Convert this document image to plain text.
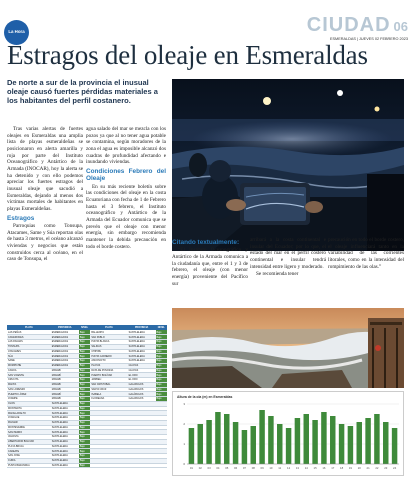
La Hora	CIUDAD 06
ESMERALDAS | JUEVES 02 FEBRERO 2023
Estragos del oleaje en Esmeraldas
De norte a sur de la provincia el inusual oleaje causó fuertes pérdidas materiales a los habitantes del perfil costanero.

Tras varias alertas de fuertes oleajes en Esmeraldas una amplia lista de playas esmeraldeñas se posicionaron en alerta amarilla y roja por parte del Instituto Oceanográfico y Antártico de la Armada (INOCAR), hoy la alerta se ha detenido y con ello podemos apreciar los fuertes estragos del inusual oleaje que sacudió a Esmeraldas, dejando al menos dos víctimas mortales de habitantes en playas Esmeraldeñas.

Estragos

Parroquias como Tonsupa, Atacames, Same y Súa reportan olas de hasta 3 metros, el océano alcanzó viviendas y negocios que están construidos cerca al océano, en el caso de Tonsupa, el

agua salado del mar se mezcla con los pozos ya que al no tener agua potable se contamina, según moradores de la zona el agua es imposible alcanzó dos cuadras de profundidad afectando e inundando viviendas.

Condiciones Febrero del Oleaje

En su más reciente boletín sobre las condiciones del oleaje en la costa Ecuatoriana con fecha de 1 de Febrero hasta el 3 febrero, el Instituto oceanográfico y Antártico de la Armada del Ecuador comunica que se prevén que el oleaje con menor energía, sin embargo recomienda mantener la debida precaución en todo el borde costero.

Citando textualmente:

“El Instituto Oceanográfico y Antártico de la Armada comunica a la ciudadanía que, entre el 1 y 3 de febrero, el oleaje (con menor energía) proveniente del Pacífico sur

arribará a la costa continental e insular del Ecuador; por lo que, el estado del mar en el perfil costero continental e insular tendrá intensidad entre ligero y moderado.

Se recomienda tener

precaución en todo el borde costero, el oleaje influenciará tanto en la variabilidad de las corrientes litorales, como en la intensidad del rompimiento de las olas.”

PLAYA	PROVINCIA	NIVEL	PLAYA	PROVINCIA	NIVEL
LAS PEÑAS	ESMERALDAS	Bajo	BALLENITA	SANTA ELENA	Bajo
CAMARONES	ESMERALDAS	Bajo	SAN PABLO	SANTA ELENA	Bajo
LAS PALMAS	ESMERALDAS	Bajo	PUNTA BLANCA	SANTA ELENA	Bajo
TONSUPA	ESMERALDAS	Bajo	SALINAS	SANTA ELENA	Bajo
ATACAMES	ESMERALDAS	Bajo	CHIPIPE	SANTA ELENA	Bajo
SÚA	ESMERALDAS	Bajo	PUNTA CARNERO	SANTA ELENA	Bajo
SAME	ESMERALDAS	Bajo	ANCONCITO	SANTA ELENA	Bajo
MOMPICHE	ESMERALDAS	Bajo	PLAYAS	GUAYAS	Bajo
CANOA	MANABÍ	Bajo	DATA DE POSORJA	GUAYAS	Bajo
SAN VICENTE	MANABÍ	Bajo	PUERTO BOLÍVAR	EL ORO	Bajo
CRUCITA	MANABÍ	Bajo	JAMBELÍ	EL ORO	Bajo
MANTA	MANABÍ	Bajo	SAN CRISTÓBAL	GALÁPAGOS	Bajo
SAN LORENZO	MANABÍ	Bajo	SANTA CRUZ	GALÁPAGOS	Bajo
PUERTO LÓPEZ	MANABÍ	Bajo	ISABELA	GALÁPAGOS	Bajo
AYAMPE	MANABÍ	Bajo	FLOREANA	GALÁPAGOS	Bajo
OLÓN	SANTA ELENA	Bajo			
MONTAÑITA	SANTA ELENA	Bajo			
MANGLARALTO	SANTA ELENA	Bajo			
AYANGUE	SANTA ELENA	Bajo			
PALMAR	SANTA ELENA	Bajo			
MONTEVERDE	SANTA ELENA	Bajo			
SAN PEDRO	SANTA ELENA	Bajo			
VALDIVIA	SANTA ELENA	Bajo			
LIBERTADOR BOLÍVAR	SANTA ELENA	Bajo			
PLAYA BRUJA	SANTA ELENA	Bajo			
CADEATE	SANTA ELENA	Bajo			
SAN JOSÉ	SANTA ELENA	Bajo			
CURÍA	SANTA ELENA	Bajo			
PUNTA BARANDÚA	SANTA ELENA	Bajo			
Altura de la ola (m) en Esmeraldas
0
1
2
3
01 02 03 04 05 06 07 08 09 10 11 12 13 14 15 16 17 18 19 20 21 22 23 24
